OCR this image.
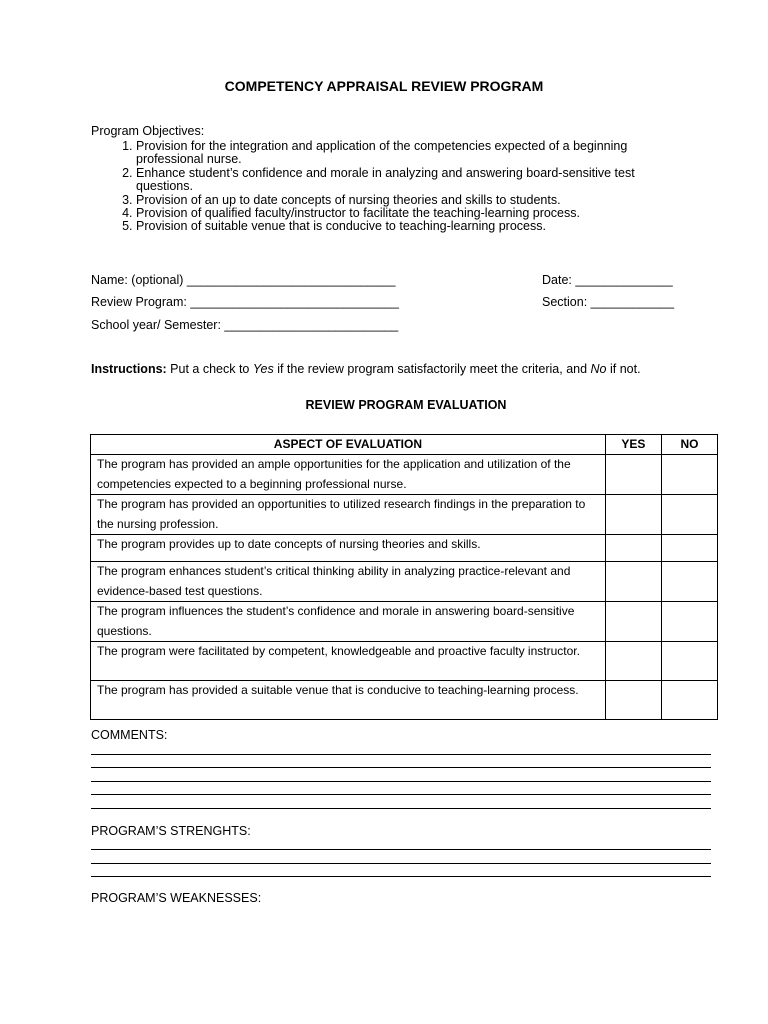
COMPETENCY APPRAISAL REVIEW PROGRAM
Program Objectives:
1. Provision for the integration and application of the competencies expected of a beginning professional nurse.
2. Enhance student’s confidence and morale in analyzing and answering board-sensitive test questions.
3. Provision of an up to date concepts of nursing theories and skills to students.
4. Provision of qualified faculty/instructor to facilitate the teaching-learning process.
5. Provision of suitable venue that is conducive to teaching-learning process.
Name: (optional) ______________________________	Date: ______________
Review Program: ______________________________	Section: ____________
School year/ Semester: _________________________
Instructions: Put a check to Yes if the review program satisfactorily meet the criteria, and No if not.
REVIEW PROGRAM EVALUATION
ASPECT OF EVALUATION	YES	NO
The program has provided an ample opportunities for the application and utilization of the competencies expected to a beginning professional nurse.		
The program has provided an opportunities to utilized research findings in the preparation to the nursing profession.		
The program provides up to date concepts of nursing theories and skills.		
The program enhances student’s critical thinking ability in analyzing practice-relevant and evidence-based test questions.		
The program influences the student’s confidence and morale in answering board-sensitive questions.		
The program were facilitated by competent, knowledgeable and proactive faculty instructor.		
The program has provided a suitable venue that is conducive to teaching-learning process.		
COMMENTS:
PROGRAM’S STRENGHTS:
PROGRAM’S WEAKNESSES:
